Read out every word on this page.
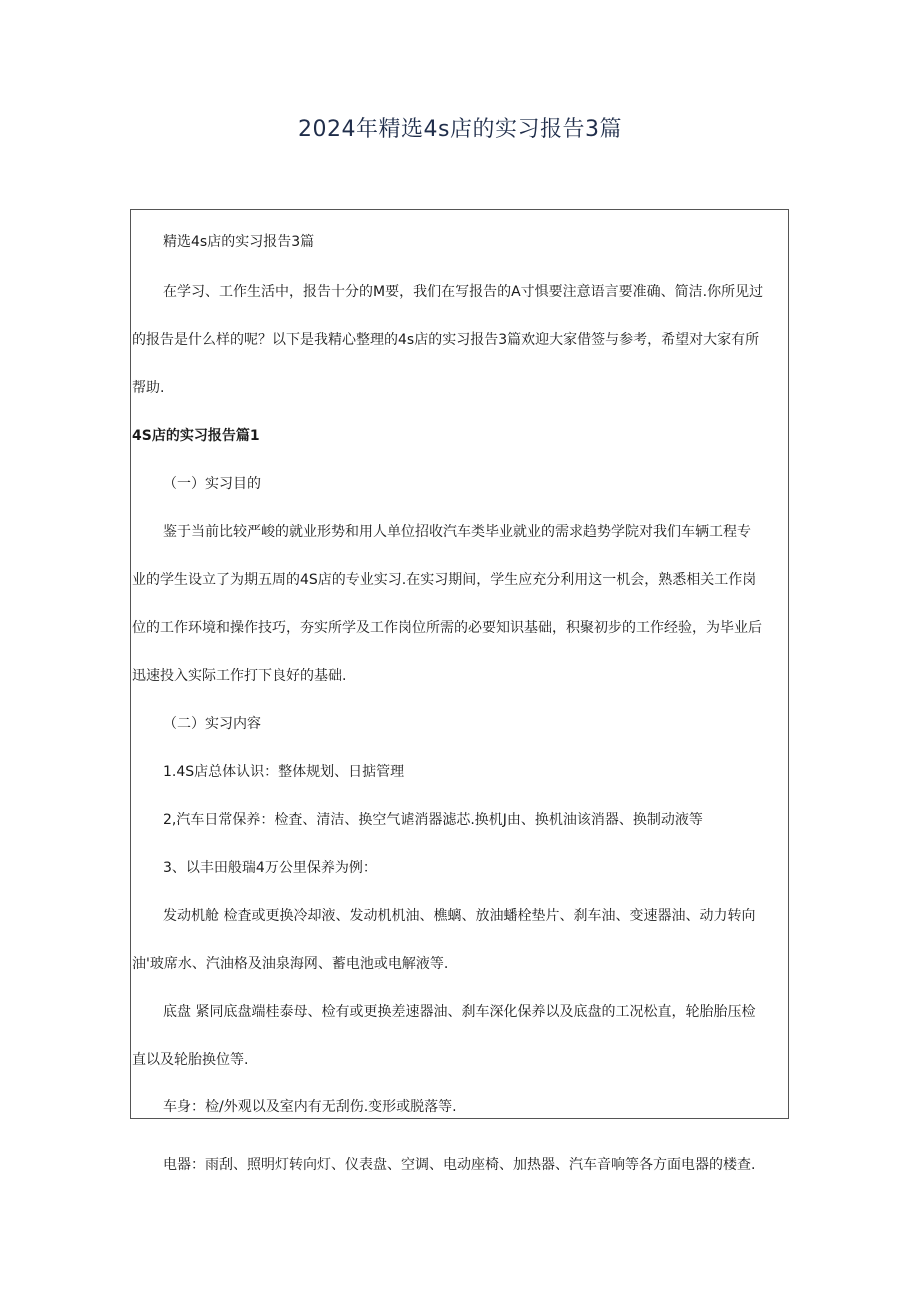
2024年精选4s店的实习报告3篇

精选4s店的实习报告3篇

在学习、工作生活中，报告十分的M要，我们在写报告的A寸惧要注意语言要准确、简洁.你所见过

的报告是什么样的呢？以下是我精心整理的4s店的实习报告3篇欢迎大家借签与参考，希望对大家有所

帮助.

4S店的实习报告篇1

（一）实习目的

鉴于当前比较严峻的就业形势和用人单位招收汽车类毕业就业的需求趋势学院对我们车辆工程专

业的学生设立了为期五周的4S店的专业实习.在实习期间，学生应充分利用这一机会，熟悉相关工作岗

位的工作环境和操作技巧，夯实所学及工作岗位所需的必要知识基础，积聚初步的工作经验，为毕业后

迅速投入实际工作打下良好的基础.

（二）实习内容

1.4S店总体认识：整体规划、日掂管理

2,汽车日常保养：检査、清洁、换空气谑消器滤芯.换机J由、换机油该消器、换制动液等

3、以丰田般瑞4万公里保养为例：

发动机舱 检査或更换冷却液、发动机机油、樵螭、放油蟠栓垫片、刹车油、变速器油、动力转向

油'玻席水、汽油格及油泉海网、蓄电池或电解液等.

底盘 紧同底盘端桂泰母、检有或更换差速器油、刹车深化保养以及底盘的工况松直，轮胎胎压检

直以及轮胎换位等.

车身：检/外观以及室内有无刮伤.变形或脱落等.

电器：雨刮、照明灯转向灯、仪表盘、空调、电动座椅、加热器、汽车音响等各方面电器的楼查.
